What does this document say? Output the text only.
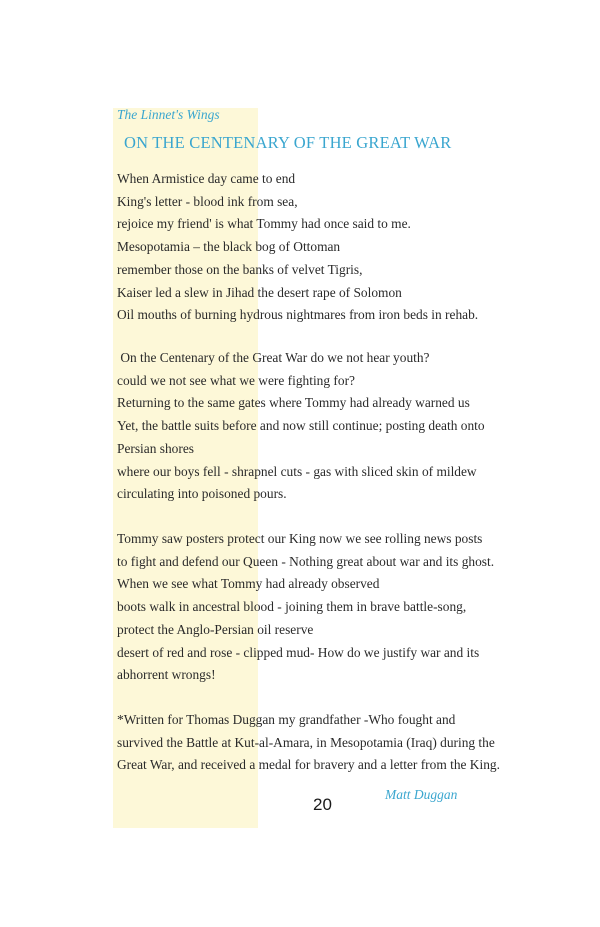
The Linnet's Wings
ON THE CENTENARY OF THE GREAT WAR
When Armistice day came to end
King's letter - blood ink from sea,
rejoice my friend' is what Tommy had once said to me.
Mesopotamia – the black bog of Ottoman
remember those on the banks of velvet Tigris,
Kaiser led a slew in Jihad the desert rape of Solomon
Oil mouths of burning hydrous nightmares from iron beds in rehab.
On the Centenary of the Great War do we not hear youth?
could we not see what we were fighting for?
Returning to the same gates where Tommy had already warned us
Yet, the battle suits before and now still continue; posting death onto
Persian shores
where our boys fell - shrapnel cuts - gas with sliced skin of mildew
circulating into poisoned pours.
Tommy saw posters protect our King now we see rolling news posts
to fight and defend our Queen - Nothing great about war and its ghost.
When we see what Tommy had already observed
boots walk in ancestral blood - joining them in brave battle-song,
protect the Anglo-Persian oil reserve
desert of red and rose - clipped mud- How do we justify war and its
abhorrent wrongs!
*Written for Thomas Duggan my grandfather -Who fought and
survived the Battle at Kut-al-Amara, in Mesopotamia (Iraq) during the
Great War, and received a medal for bravery and a letter from the King.
20
Matt Duggan
